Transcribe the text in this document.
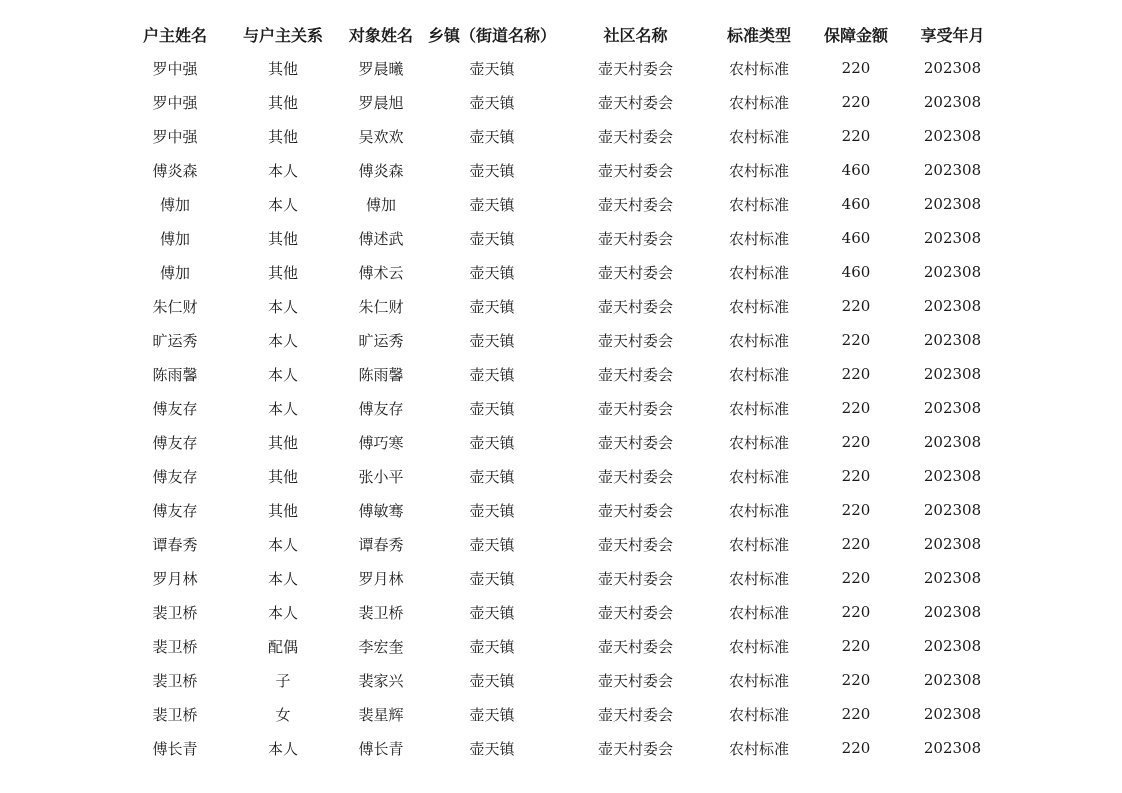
户主姓名	与户主关系	对象姓名	乡镇（街道名称）	社区名称	标准类型	保障金额	享受年月
罗中强	其他	罗晨曦	壶天镇	壶天村委会	农村标准	220	202308
罗中强	其他	罗晨旭	壶天镇	壶天村委会	农村标准	220	202308
罗中强	其他	吴欢欢	壶天镇	壶天村委会	农村标准	220	202308
傅炎森	本人	傅炎森	壶天镇	壶天村委会	农村标准	460	202308
傅加	本人	傅加	壶天镇	壶天村委会	农村标准	460	202308
傅加	其他	傅述武	壶天镇	壶天村委会	农村标准	460	202308
傅加	其他	傅术云	壶天镇	壶天村委会	农村标准	460	202308
朱仁财	本人	朱仁财	壶天镇	壶天村委会	农村标准	220	202308
旷运秀	本人	旷运秀	壶天镇	壶天村委会	农村标准	220	202308
陈雨馨	本人	陈雨馨	壶天镇	壶天村委会	农村标准	220	202308
傅友存	本人	傅友存	壶天镇	壶天村委会	农村标准	220	202308
傅友存	其他	傅巧寒	壶天镇	壶天村委会	农村标准	220	202308
傅友存	其他	张小平	壶天镇	壶天村委会	农村标准	220	202308
傅友存	其他	傅敏骞	壶天镇	壶天村委会	农村标准	220	202308
谭春秀	本人	谭春秀	壶天镇	壶天村委会	农村标准	220	202308
罗月林	本人	罗月林	壶天镇	壶天村委会	农村标准	220	202308
裴卫桥	本人	裴卫桥	壶天镇	壶天村委会	农村标准	220	202308
裴卫桥	配偶	李宏奎	壶天镇	壶天村委会	农村标准	220	202308
裴卫桥	子	裴家兴	壶天镇	壶天村委会	农村标准	220	202308
裴卫桥	女	裴星辉	壶天镇	壶天村委会	农村标准	220	202308
傅长青	本人	傅长青	壶天镇	壶天村委会	农村标准	220	202308
